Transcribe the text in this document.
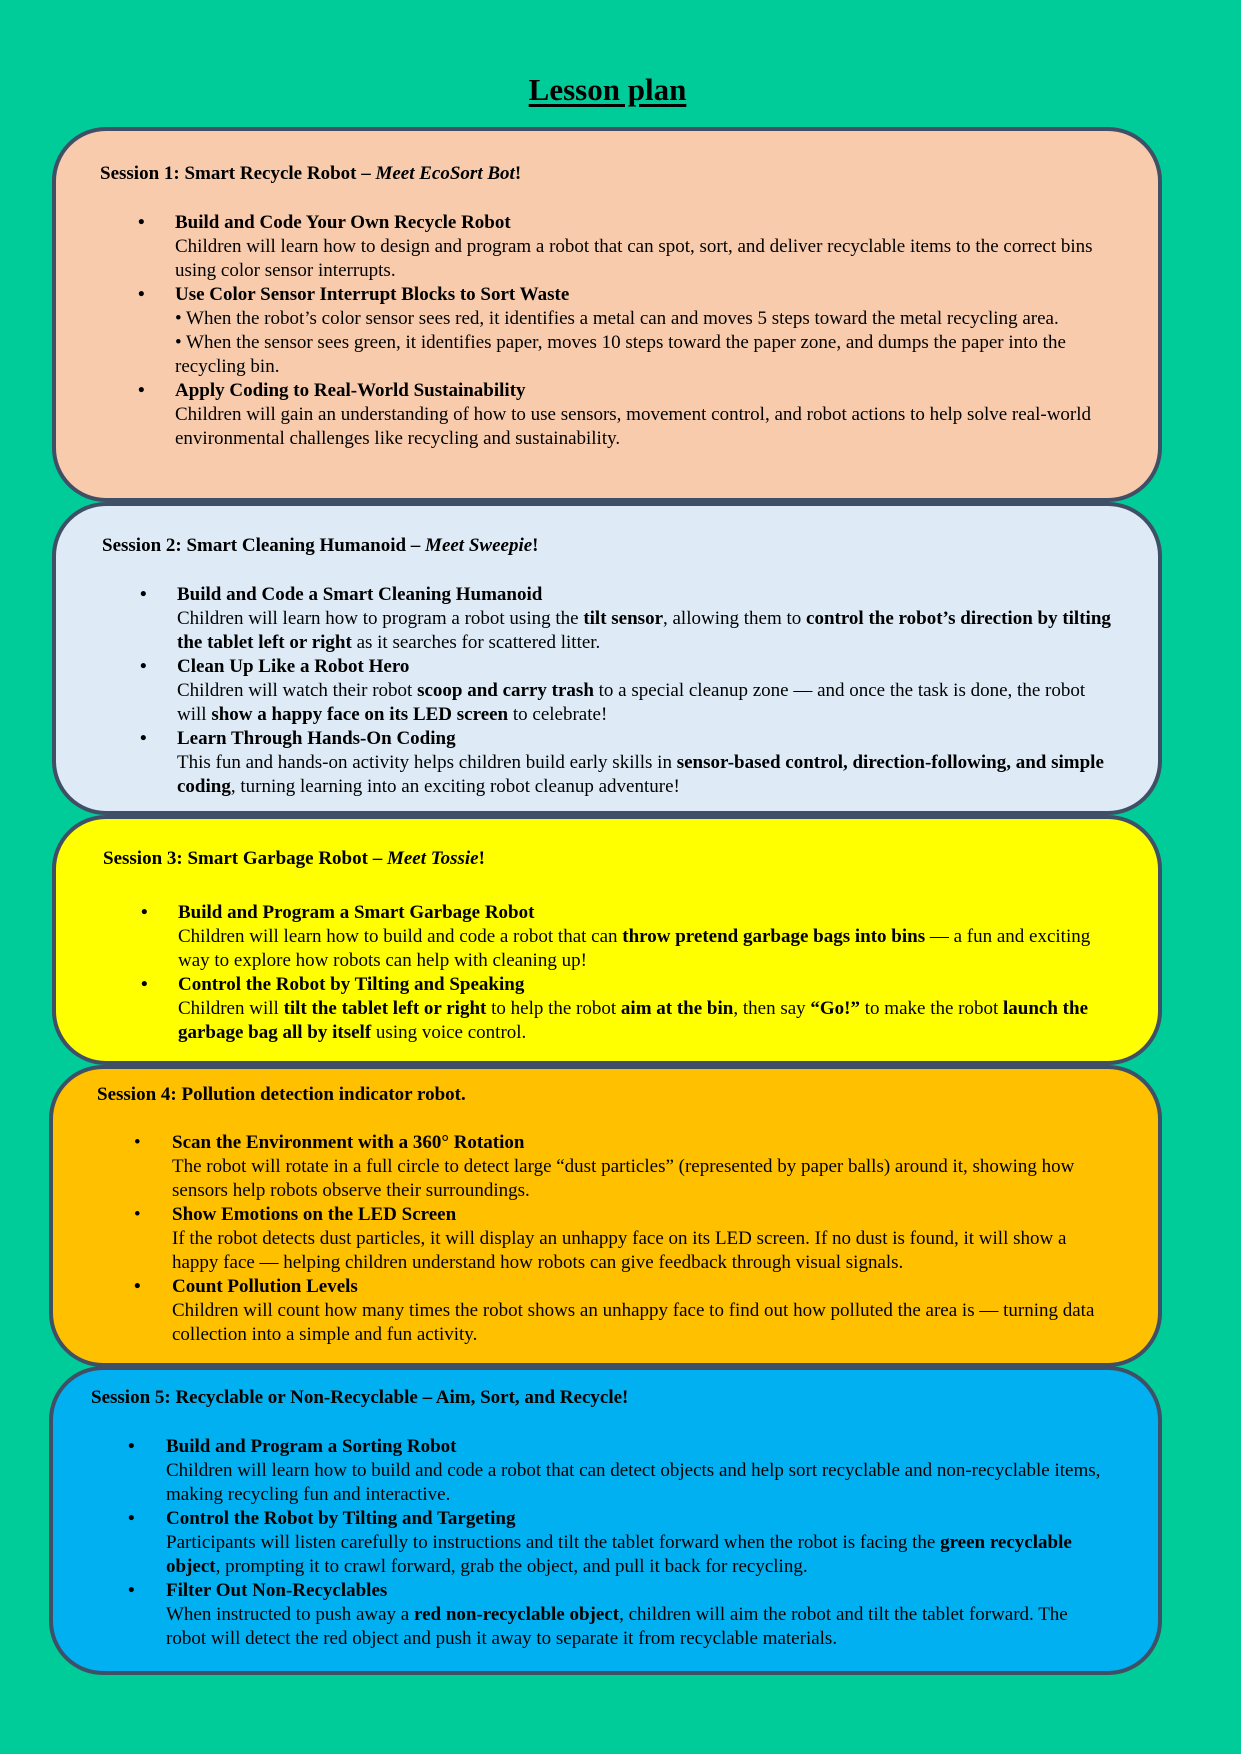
Lesson plan
Session 1: Smart Recycle Robot – Meet EcoSort Bot!
• Build and Code Your Own Recycle Robot
Children will learn how to design and program a robot that can spot, sort, and deliver recyclable items to the correct bins using color sensor interrupts.
• Use Color Sensor Interrupt Blocks to Sort Waste
• When the robot’s color sensor sees red, it identifies a metal can and moves 5 steps toward the metal recycling area.
• When the sensor sees green, it identifies paper, moves 10 steps toward the paper zone, and dumps the paper into the recycling bin.
• Apply Coding to Real-World Sustainability
Children will gain an understanding of how to use sensors, movement control, and robot actions to help solve real-world environmental challenges like recycling and sustainability.
Session 2: Smart Cleaning Humanoid – Meet Sweepie!
• Build and Code a Smart Cleaning Humanoid
Children will learn how to program a robot using the tilt sensor, allowing them to control the robot’s direction by tilting the tablet left or right as it searches for scattered litter.
• Clean Up Like a Robot Hero
Children will watch their robot scoop and carry trash to a special cleanup zone — and once the task is done, the robot will show a happy face on its LED screen to celebrate!
• Learn Through Hands-On Coding
This fun and hands-on activity helps children build early skills in sensor-based control, direction-following, and simple coding, turning learning into an exciting robot cleanup adventure!
Session 3: Smart Garbage Robot – Meet Tossie!
• Build and Program a Smart Garbage Robot
Children will learn how to build and code a robot that can throw pretend garbage bags into bins — a fun and exciting way to explore how robots can help with cleaning up!
• Control the Robot by Tilting and Speaking
Children will tilt the tablet left or right to help the robot aim at the bin, then say “Go!” to make the robot launch the garbage bag all by itself using voice control.
Session 4: Pollution detection indicator robot.
• Scan the Environment with a 360° Rotation
The robot will rotate in a full circle to detect large “dust particles” (represented by paper balls) around it, showing how sensors help robots observe their surroundings.
• Show Emotions on the LED Screen
If the robot detects dust particles, it will display an unhappy face on its LED screen. If no dust is found, it will show a happy face — helping children understand how robots can give feedback through visual signals.
• Count Pollution Levels
Children will count how many times the robot shows an unhappy face to find out how polluted the area is — turning data collection into a simple and fun activity.
Session 5: Recyclable or Non-Recyclable – Aim, Sort, and Recycle!
• Build and Program a Sorting Robot
Children will learn how to build and code a robot that can detect objects and help sort recyclable and non-recyclable items, making recycling fun and interactive.
• Control the Robot by Tilting and Targeting
Participants will listen carefully to instructions and tilt the tablet forward when the robot is facing the green recyclable object, prompting it to crawl forward, grab the object, and pull it back for recycling.
• Filter Out Non-Recyclables
When instructed to push away a red non-recyclable object, children will aim the robot and tilt the tablet forward. The robot will detect the red object and push it away to separate it from recyclable materials.
